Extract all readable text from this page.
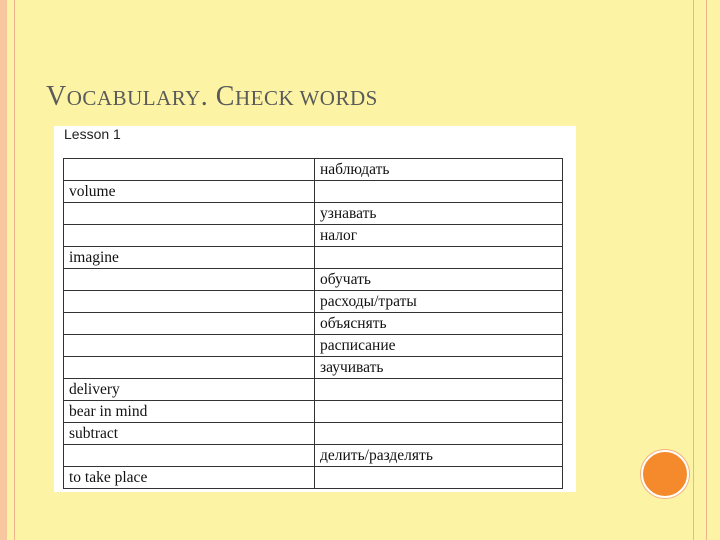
VOCABULARY. CHECK WORDS
Lesson 1
	наблюдать
volume	
	узнавать
	налог
imagine	
	обучать
	расходы/траты
	объяснять
	расписание
	заучивать
delivery	
bear in mind	
subtract	
	делить/разделять
to take place	
